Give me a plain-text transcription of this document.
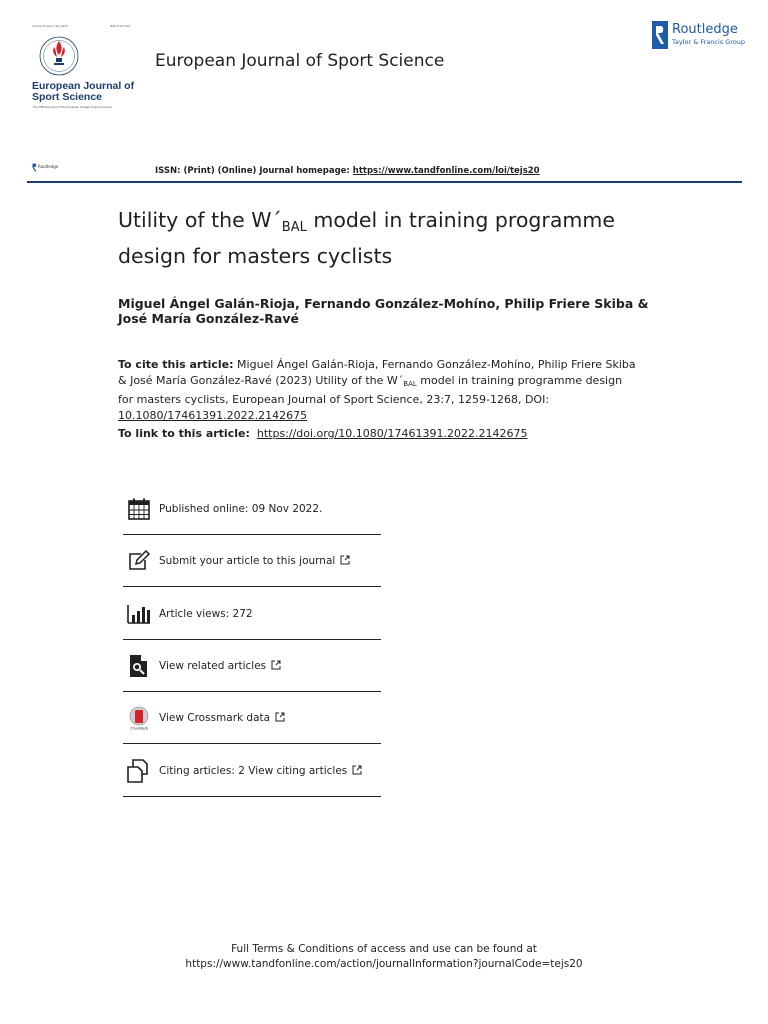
Volume 23 Issue 7 July 2023	ISSN 1746-1391
European Journal of Sport Science
The Official Journal of the European College of Sport Science
European Journal of Sport Science
Routledge
Taylor & Francis Group
Routledge	ISSN: (Print) (Online) Journal homepage: https://www.tandfonline.com/loi/tejs20
Utility of the $W´_{BAL}$ model in training programme design for masters cyclists
Miguel Ángel Galán-Rioja, Fernando González-Mohíno, Philip Friere Skiba & José María González-Ravé
To cite this article: Miguel Ángel Galán-Rioja, Fernando González-Mohíno, Philip Friere Skiba & José María González-Ravé (2023) Utility of the $W´_{BAL}$ model in training programme design for masters cyclists, European Journal of Sport Science, 23:7, 1259-1268, DOI: 10.1080/17461391.2022.2142675
To link to this article: https://doi.org/10.1080/17461391.2022.2142675
Published online: 09 Nov 2022.
Submit your article to this journal
Article views: 272
View related articles
CrossMark
View Crossmark data
Citing articles: 2 View citing articles
Full Terms & Conditions of access and use can be found at
https://www.tandfonline.com/action/journalInformation?journalCode=tejs20
